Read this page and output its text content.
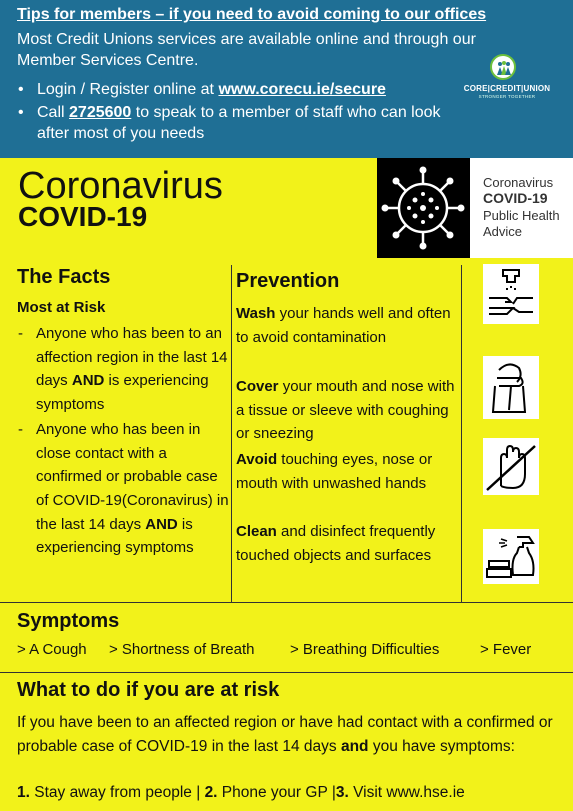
Tips for members – if you need to avoid coming to our offices
Most Credit Unions services are available online and through our Member Services Centre.
• Login / Register online at www.corecu.ie/secure
• Call 2725600 to speak to a member of staff who can look after most of you needs
CORE|CREDIT|UNION
STRONGER TOGETHER
Coronavirus
COVID-19
Coronavirus
COVID-19
Public Health
Advice
The Facts
Most at Risk
- Anyone who has been to an affection region in the last 14 days AND is experiencing symptoms
- Anyone who has been in close contact with a confirmed or probable case of COVID-19(Coronavirus) in the last 14 days AND is experiencing symptoms
Prevention

Wash your hands well and often to avoid contamination

Cover your mouth and nose with a tissue or sleeve with coughing or sneezing

Avoid touching eyes, nose or mouth with unwashed hands

Clean and disinfect frequently touched objects and surfaces

Symptoms
> A Cough > Shortness of Breath > Breathing Difficulties	> Fever
What to do if you are at risk
If you have been to an affected region or have had contact with a confirmed or probable case of COVID-19 in the last 14 days and you have symptoms:
1. Stay away from people | 2. Phone your GP |3. Visit www.hse.ie
